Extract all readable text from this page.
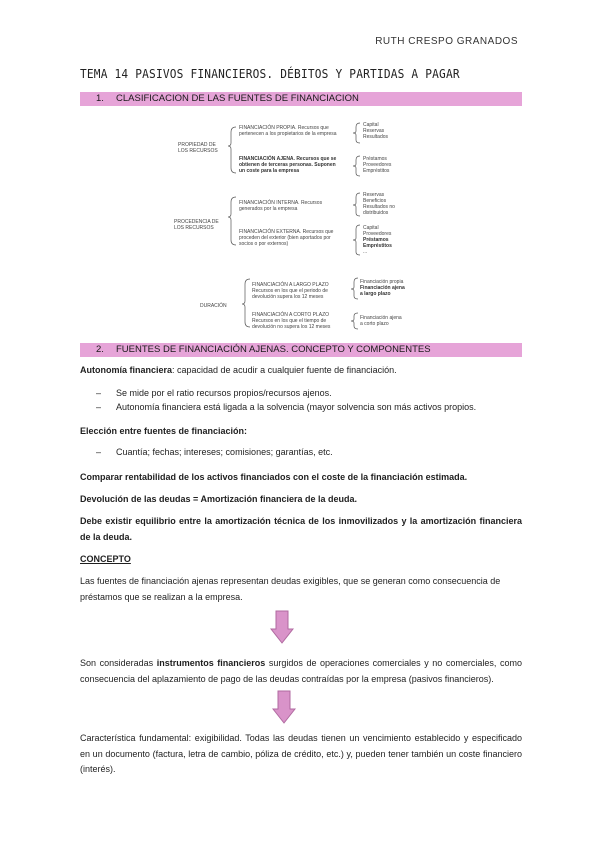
RUTH CRESPO GRANADOS
TEMA 14 PASIVOS FINANCIEROS. DÉBITOS Y PARTIDAS A PAGAR
1. CLASIFICACION DE LAS FUENTES DE FINANCIACION
PROPIEDAD DE
LOS RECURSOS
FINANCIACIÓN PROPIA. Recursos que
pertenecen a los propietarios de la empresa
Capital
Reservas
Resultados
FINANCIACIÓN AJENA. Recursos que se
obtienen de terceras personas. Suponen
un coste para la empresa
Préstamos
Proveedores
Empréstitos
PROCEDENCIA DE
LOS RECURSOS
FINANCIACIÓN INTERNA. Recursos
generados por la empresa
Reservas
Beneficios
Resultados no
distribuidos
FINANCIACIÓN EXTERNA. Recursos que
proceden del exterior (bien aportados por
socios o por externos)
Capital
Proveedores
Préstamos
Empréstitos
...
DURACIÓN
FINANCIACIÓN A LARGO PLAZO
Recursos en los que el periodo de
devolución supera los 12 meses
Financiación propia
Financiación ajena
a largo plazo
FINANCIACIÓN A CORTO PLAZO
Recursos en los que el tiempo de
devolución no supera los 12 meses
Financiación ajena
a corto plazo
2. FUENTES DE FINANCIACIÓN AJENAS. CONCEPTO Y COMPONENTES
Autonomía financiera: capacidad de acudir a cualquier fuente de financiación.
– Se mide por el ratio recursos propios/recursos ajenos.
– Autonomía financiera está ligada a la solvencia (mayor solvencia son más activos propios.
Elección entre fuentes de financiación:
– Cuantía; fechas; intereses; comisiones; garantías, etc.
Comparar rentabilidad de los activos financiados con el coste de la financiación estimada.
Devolución de las deudas = Amortización financiera de la deuda.
Debe existir equilibrio entre la amortización técnica de los inmovilizados y la amortización financiera de la deuda.
CONCEPTO
Las fuentes de financiación ajenas representan deudas exigibles, que se generan como consecuencia de préstamos que se realizan a la empresa.
Son consideradas instrumentos financieros surgidos de operaciones comerciales y no comerciales, como consecuencia del aplazamiento de pago de las deudas contraídas por la empresa (pasivos financieros).
Característica fundamental: exigibilidad. Todas las deudas tienen un vencimiento establecido y especificado en un documento (factura, letra de cambio, póliza de crédito, etc.) y, pueden tener también un coste financiero (interés).
